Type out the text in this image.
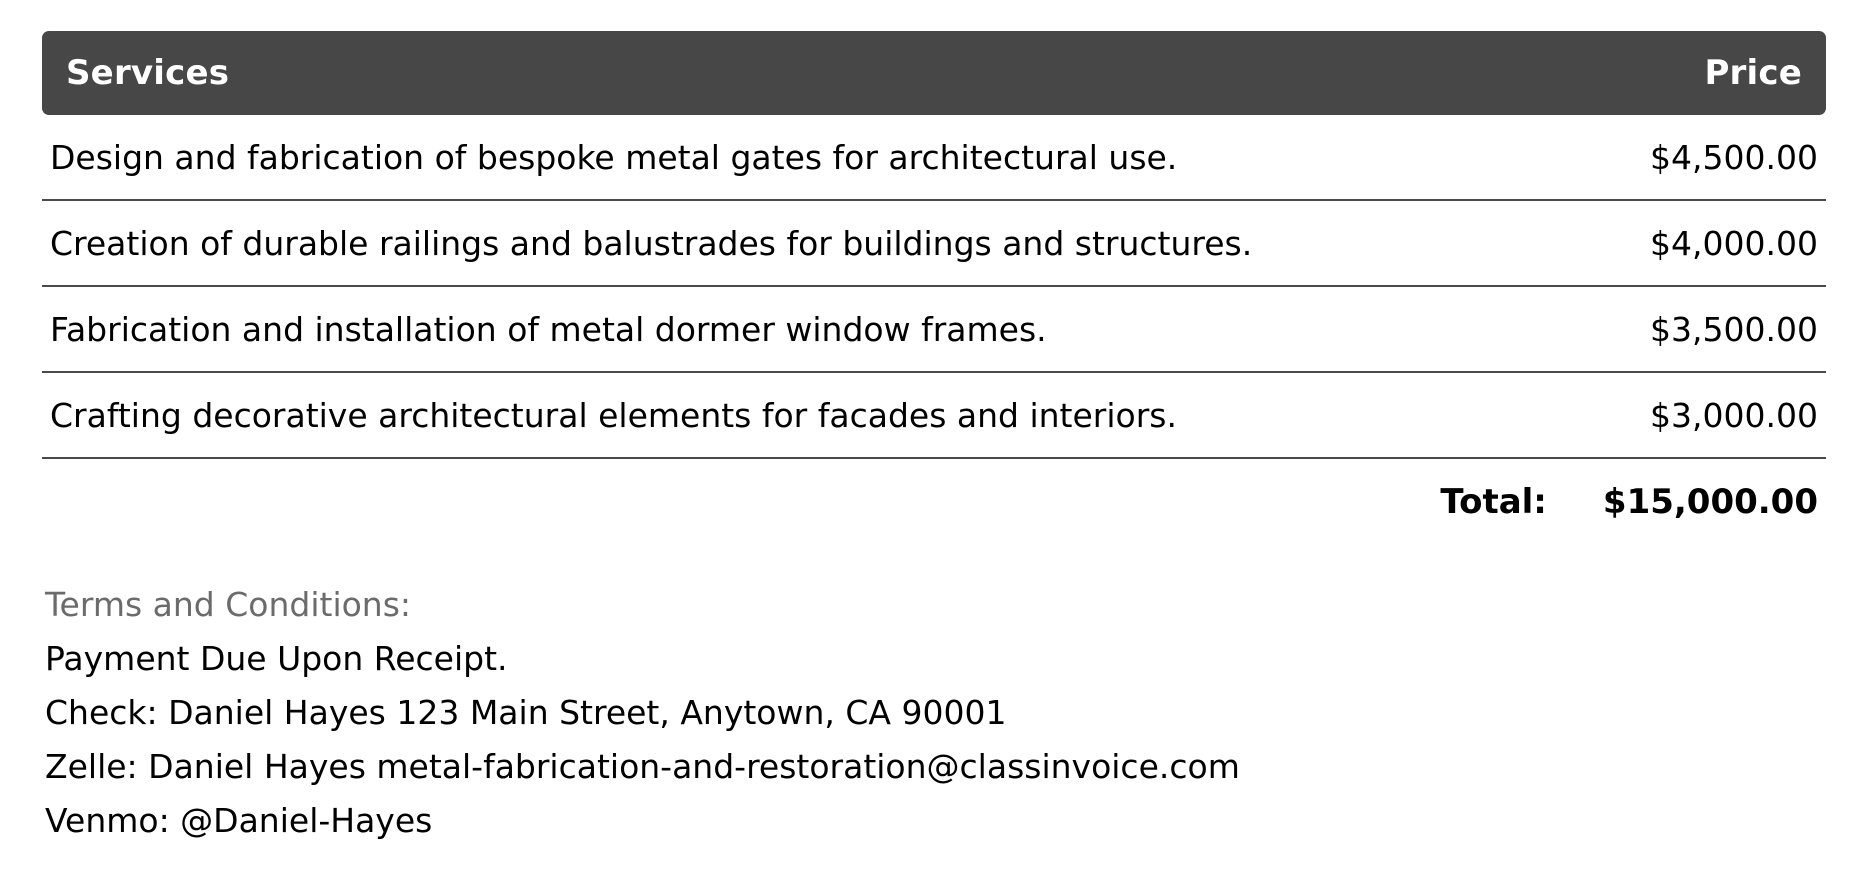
Services	Price
Design and fabrication of bespoke metal gates for architectural use.	$4,500.00
Creation of durable railings and balustrades for buildings and structures.	$4,000.00
Fabrication and installation of metal dormer window frames.	$3,500.00
Crafting decorative architectural elements for facades and interiors.	$3,000.00
Total: $15,000.00
Terms and Conditions:
Payment Due Upon Receipt.
Check: Daniel Hayes 123 Main Street, Anytown, CA 90001
Zelle: Daniel Hayes metal-fabrication-and-restoration@classinvoice.com
Venmo: @Daniel-Hayes
